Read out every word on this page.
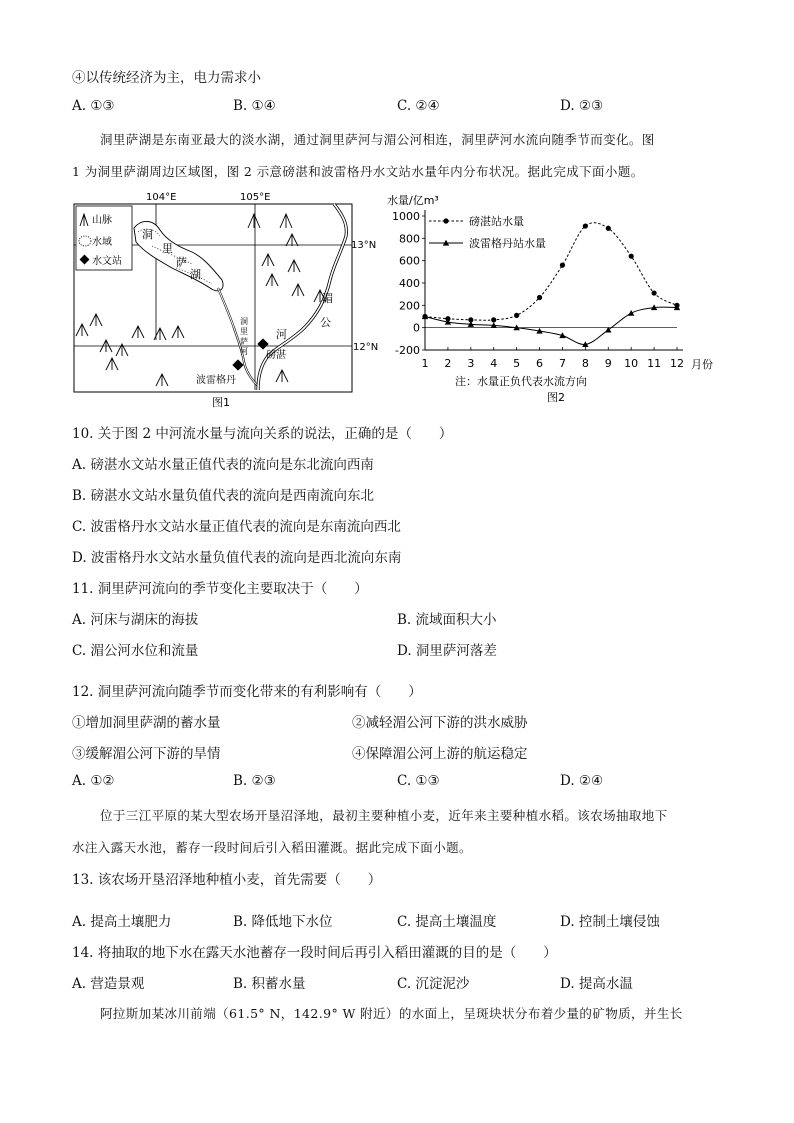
④以传统经济为主，电力需求小
A. ①③	B. ①④	C. ②④	D. ②③
洞里萨湖是东南亚最大的淡水湖，通过洞里萨河与湄公河相连，洞里萨河水流向随季节而变化。图
1 为洞里萨湖周边区域图，图 2 示意磅湛和波雷格丹水文站水量年内分布状况。据此完成下面小题。
104°E	105°E
13°N
12°N
山脉
水域
水文站
洞
里
萨
湖
洞
里
萨
河
湄
公
河
磅湛
波雷格丹
图1
水量/亿m³
1000
800
600
400
200
0
-200
1 2 3 4 5 6 7 8 9 10 11 12
磅湛站水量
波雷格丹站水量
月份
注：水量正负代表水流方向
图2
10. 关于图 2 中河流水量与流向关系的说法，正确的是（　　）
A. 磅湛水文站水量正值代表的流向是东北流向西南
B. 磅湛水文站水量负值代表的流向是西南流向东北
C. 波雷格丹水文站水量正值代表的流向是东南流向西北
D. 波雷格丹水文站水量负值代表的流向是西北流向东南
11. 洞里萨河流向的季节变化主要取决于（　　）
A. 河床与湖床的海拔	B. 流域面积大小
C. 湄公河水位和流量	D. 洞里萨河落差
12. 洞里萨河流向随季节而变化带来的有利影响有（　　）
①增加洞里萨湖的蓄水量	②减轻湄公河下游的洪水威胁
③缓解湄公河下游的旱情	④保障湄公河上游的航运稳定
A. ①②	B. ②③	C. ①③	D. ②④
位于三江平原的某大型农场开垦沼泽地，最初主要种植小麦，近年来主要种植水稻。该农场抽取地下
水注入露天水池，蓄存一段时间后引入稻田灌溉。据此完成下面小题。
13. 该农场开垦沼泽地种植小麦，首先需要（　　）
A. 提高土壤肥力	B. 降低地下水位	C. 提高土壤温度	D. 控制土壤侵蚀
14. 将抽取的地下水在露天水池蓄存一段时间后再引入稻田灌溉的目的是（　　）
A. 营造景观	B. 积蓄水量	C. 沉淀泥沙	D. 提高水温
阿拉斯加某冰川前端（61.5° N，142.9° W 附近）的水面上，呈斑块状分布着少量的矿物质，并生长
